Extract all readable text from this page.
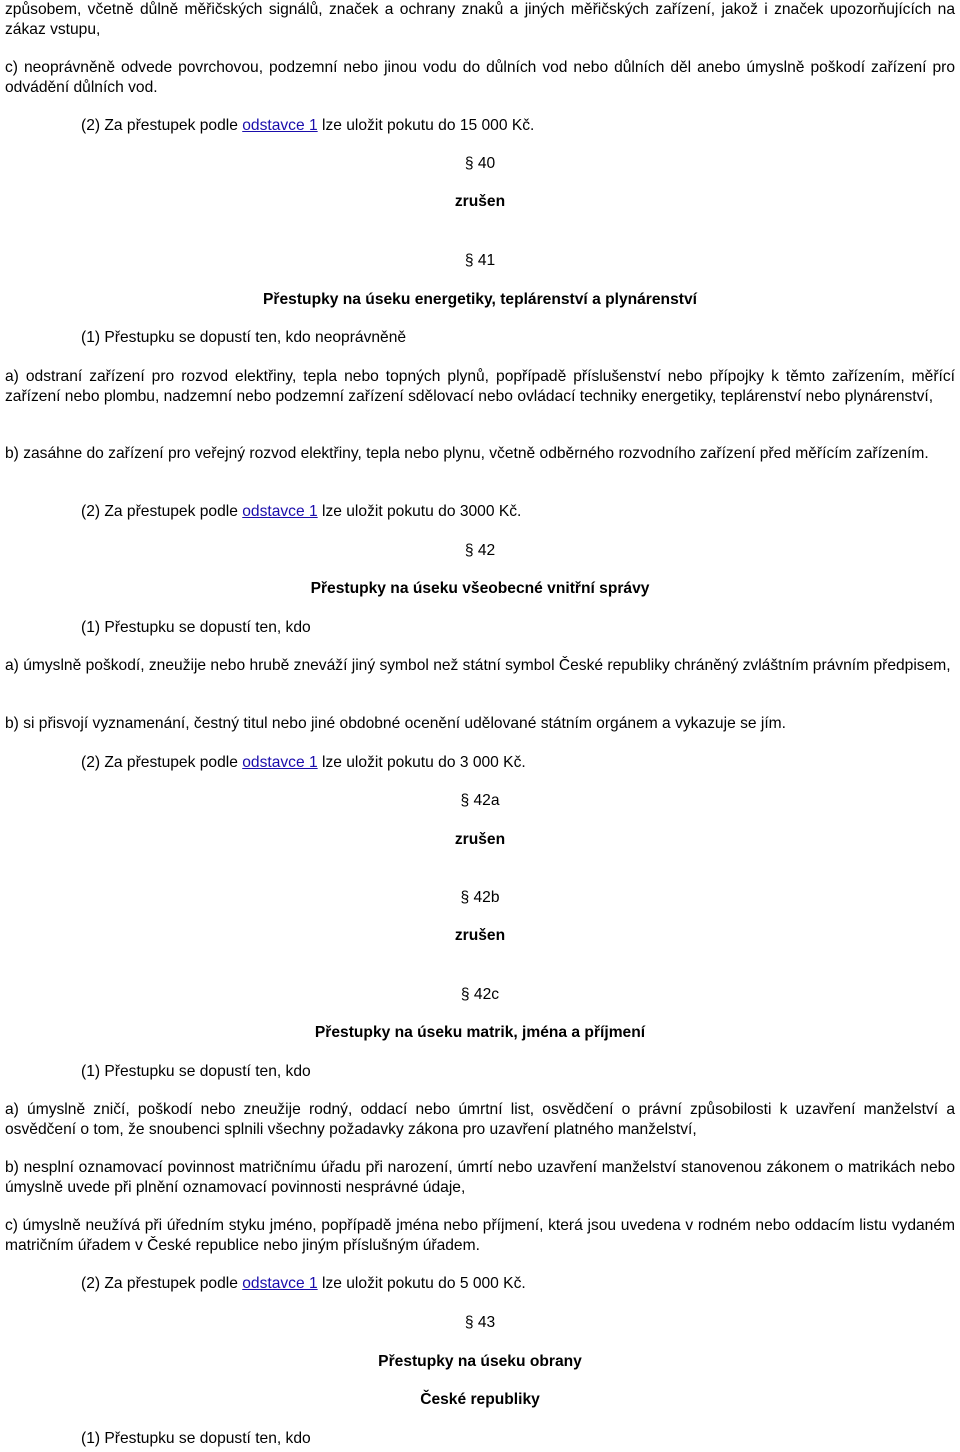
způsobem, včetně důlně měřičských signálů, značek a ochrany znaků a jiných měřičských zařízení, jakož i značek upozorňujících na zákaz vstupu,
c) neoprávněně odvede povrchovou, podzemní nebo jinou vodu do důlních vod nebo důlních děl anebo úmyslně poškodí zařízení pro odvádění důlních vod.
(2) Za přestupek podle odstavce 1 lze uložit pokutu do 15 000 Kč.
§ 40
zrušen
§ 41
Přestupky na úseku energetiky, teplárenství a plynárenství
(1) Přestupku se dopustí ten, kdo neoprávněně
a) odstraní zařízení pro rozvod elektřiny, tepla nebo topných plynů, popřípadě příslušenství nebo přípojky k těmto zařízením, měřící zařízení nebo plombu, nadzemní nebo podzemní zařízení sdělovací nebo ovládací techniky energetiky, teplárenství nebo plynárenství,
b) zasáhne do zařízení pro veřejný rozvod elektřiny, tepla nebo plynu, včetně odběrného rozvodního zařízení před měřícím zařízením.
(2) Za přestupek podle odstavce 1 lze uložit pokutu do 3000 Kč.
§ 42
Přestupky na úseku všeobecné vnitřní správy
(1) Přestupku se dopustí ten, kdo
a) úmyslně poškodí, zneužije nebo hrubě zneváží jiný symbol než státní symbol České republiky chráněný zvláštním právním předpisem,
b) si přisvojí vyznamenání, čestný titul nebo jiné obdobné ocenění udělované státním orgánem a vykazuje se jím.
(2) Za přestupek podle odstavce 1 lze uložit pokutu do 3 000 Kč.
§ 42a
zrušen
§ 42b
zrušen
§ 42c
Přestupky na úseku matrik, jména a příjmení
(1) Přestupku se dopustí ten, kdo
a) úmyslně zničí, poškodí nebo zneužije rodný, oddací nebo úmrtní list, osvědčení o právní způsobilosti k uzavření manželství a osvědčení o tom, že snoubenci splnili všechny požadavky zákona pro uzavření platného manželství,
b) nesplní oznamovací povinnost matričnímu úřadu při narození, úmrtí nebo uzavření manželství stanovenou zákonem o matrikách nebo úmyslně uvede při plnění oznamovací povinnosti nesprávné údaje,
c) úmyslně neužívá při úředním styku jméno, popřípadě jména nebo příjmení, která jsou uvedena v rodném nebo oddacím listu vydaném matričním úřadem v České republice nebo jiným příslušným úřadem.
(2) Za přestupek podle odstavce 1 lze uložit pokutu do 5 000 Kč.
§ 43
Přestupky na úseku obrany
České republiky
(1) Přestupku se dopustí ten, kdo
